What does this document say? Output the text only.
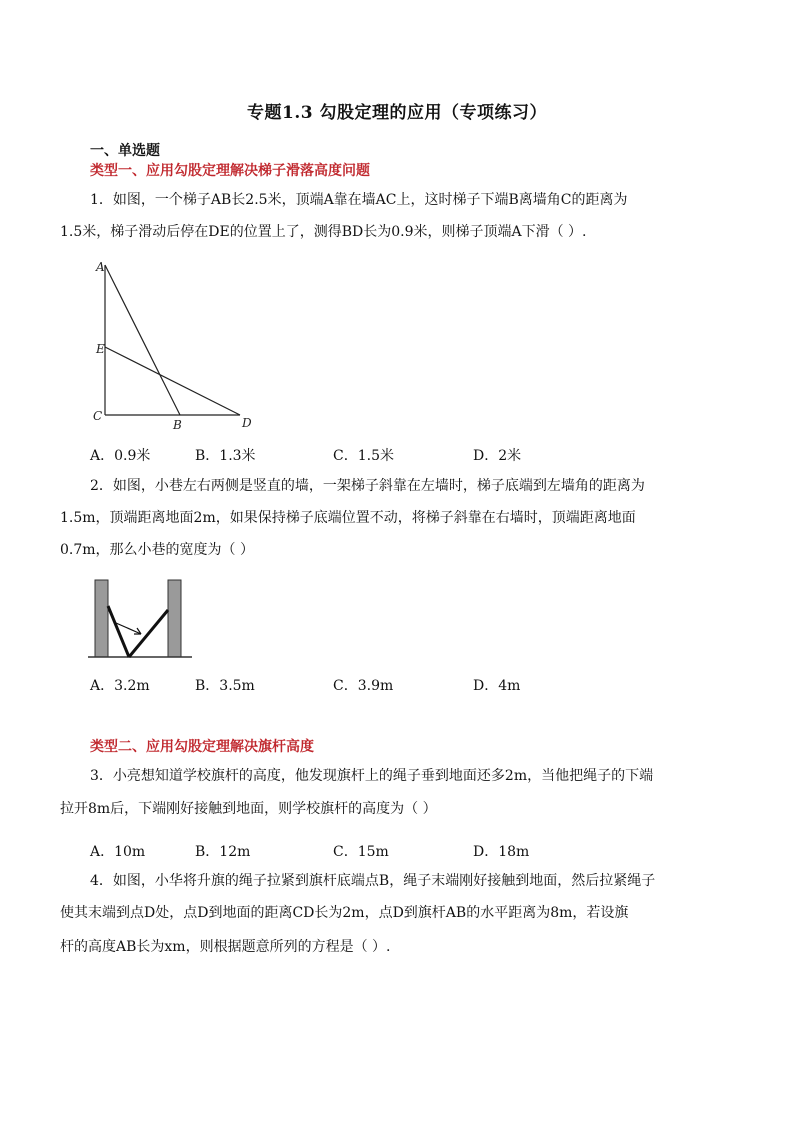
专题1.3 勾股定理的应用（专项练习）
一、单选题
类型一、应用勾股定理解决梯子滑落高度问题
1．如图，一个梯子AB长2.5米，顶端A靠在墙AC上，这时梯子下端B离墙角C的距离为
1.5米，梯子滑动后停在DE的位置上了，测得BD长为0.9米，则梯子顶端A下滑（ ）.
A
E
C
B	D
A．0.9米	B．1.3米	C．1.5米	D．2米
2．如图，小巷左右两侧是竖直的墙，一架梯子斜靠在左墙时，梯子底端到左墙角的距离为
1.5m，顶端距离地面2m，如果保持梯子底端位置不动，将梯子斜靠在右墙时，顶端距离地面
0.7m，那么小巷的宽度为（ ）
A．3.2m	B．3.5m	C．3.9m	D．4m
类型二、应用勾股定理解决旗杆高度
3．小亮想知道学校旗杆的高度，他发现旗杆上的绳子垂到地面还多2m，当他把绳子的下端
拉开8m后，下端刚好接触到地面，则学校旗杆的高度为（ ）
A．10m	B．12m	C．15m	D．18m
4．如图，小华将升旗的绳子拉紧到旗杆底端点B，绳子末端刚好接触到地面，然后拉紧绳子
使其末端到点D处，点D到地面的距离CD长为2m，点D到旗杆AB的水平距离为8m，若设旗
杆的高度AB长为xm，则根据题意所列的方程是（ ）.
